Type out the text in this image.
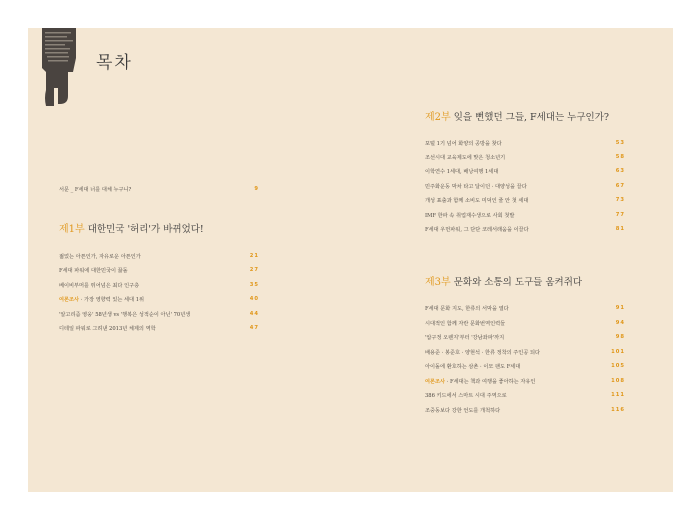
목차
서문 _ F세대 너를 대체 누구니?	9
제1부 대한민국 '허리'가 바뀌었다!
젊었는 아픈인가, 자유로운 아픈인가	21
F세대 파워에 대한민국이 끓돌	27
베이비부머를 뛰어넘은 최다 인구층	35
여론조사 · 가장 영향력 있는 세대 1위	40
'알고리즘 영웅' 58년생 vs '행복은 성적순이 아닌' 70년생	44
디테일 파워로 그려낸 2013년 체제의 역학	47
제2부 잊을 뻔했던 그들, F세대는 누구인가?
포털 1기 넘어 화양의 공방을 찾다	53
조선시대 교육제도에 맞은 청소년기	58
이학연수 1세대, 배낭여행 1세대	63
민주화운동 막차 타고 달이던 · 대양성을 끌다	67
개성 표출과 함께 소비도 미덕인 줄 안 첫 세대	73
IMF 한파 속 취업재수생으로 사회 첫발	77
F세대 우먼파워, 그 단단 코레서래움을 이끌다	81
제3부 문화와 소통의 도구들 움켜쥐다
F세대 문화 지도, 한류의 서막을 열다	91
시대적인 함께 자란 문화번역인력들	94
'압구정 오렌지'부터 '강남좌파'까지	98
배용준 · 봉준호 · 양현석 · 한류 정착의 주인공 되다	101
아이돌에 환호하는 삼촌 · 이모 팬도 F세대	105
여론조사 · F세대는 책과 여행을 좋아하는 자유인	108
386 키드에서 스마트 시대 주역으로	111
조중동보다 강한 언도를 개척하다	116
